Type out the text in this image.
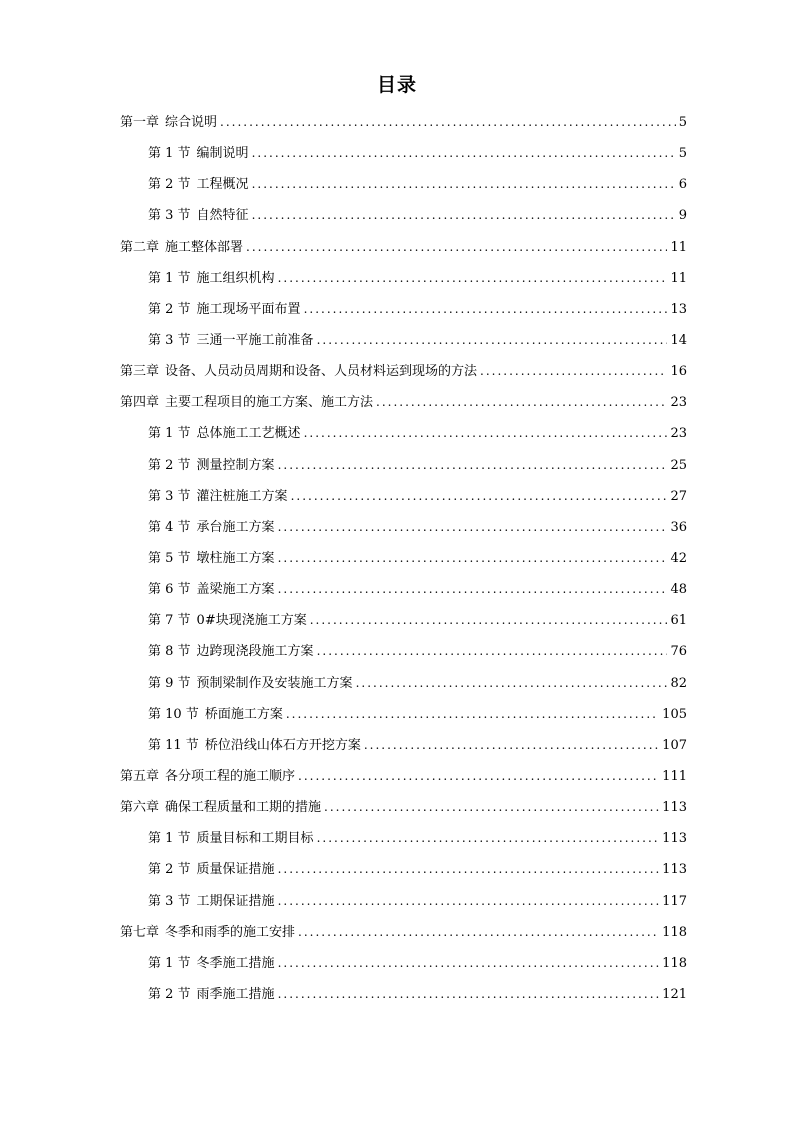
目录
第一章 综合说明 .....	5
第 1 节 编制说明 .....	5
第 2 节 工程概况 .....	6
第 3 节 自然特征 .....	9
第二章 施工整体部署 .....	11
第 1 节 施工组织机构 .....	11
第 2 节 施工现场平面布置 .....	13
第 3 节 三通一平施工前准备 .....	14
第三章 设备、人员动员周期和设备、人员材料运到现场的方法 .....	16
第四章 主要工程项目的施工方案、施工方法 .....	23
第 1 节 总体施工工艺概述 .....	23
第 2 节 测量控制方案 .....	25
第 3 节 灌注桩施工方案 .....	27
第 4 节 承台施工方案 .....	36
第 5 节 墩柱施工方案 .....	42
第 6 节 盖梁施工方案 .....	48
第 7 节 0#块现浇施工方案 .....	61
第 8 节 边跨现浇段施工方案 .....	76
第 9 节 预制梁制作及安装施工方案 .....	82
第 10 节 桥面施工方案 .....	105
第 11 节 桥位沿线山体石方开挖方案 .....	107
第五章 各分项工程的施工顺序 .....	111
第六章 确保工程质量和工期的措施 .....	113
第 1 节 质量目标和工期目标 .....	113
第 2 节 质量保证措施 .....	113
第 3 节 工期保证措施 .....	117
第七章 冬季和雨季的施工安排 .....	118
第 1 节 冬季施工措施 .....	118
第 2 节 雨季施工措施 .....	121
